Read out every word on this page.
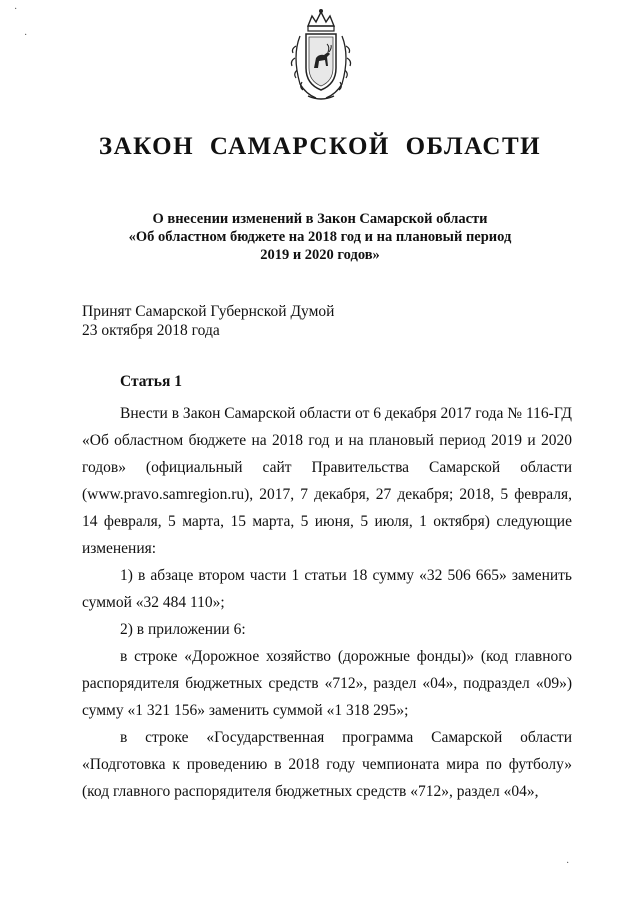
ЗАКОН САМАРСКОЙ ОБЛАСТИ
О внесении изменений в Закон Самарской области
«Об областном бюджете на 2018 год и на плановый период
2019 и 2020 годов»
Принят Самарской Губернской Думой
23 октября 2018 года
Статья 1

Внести в Закон Самарской области от 6 декабря 2017 года № 116-ГД «Об областном бюджете на 2018 год и на плановый период 2019 и 2020 годов» (официальный сайт Правительства Самарской области (www.pravo.samregion.ru), 2017, 7 декабря, 27 декабря; 2018, 5 февраля, 14 февраля, 5 марта, 15 марта, 5 июня, 5 июля, 1 октября) следующие изменения:

1) в абзаце втором части 1 статьи 18 сумму «32 506 665» заменить суммой «32 484 110»;

2) в приложении 6:

в строке «Дорожное хозяйство (дорожные фонды)» (код главного распорядителя бюджетных средств «712», раздел «04», подраздел «09») сумму «1 321 156» заменить суммой «1 318 295»;

в строке «Государственная программа Самарской области «Подготовка к проведению в 2018 году чемпионата мира по футболу» (код главного распорядителя бюджетных средств «712», раздел «04»,

·
·
·
